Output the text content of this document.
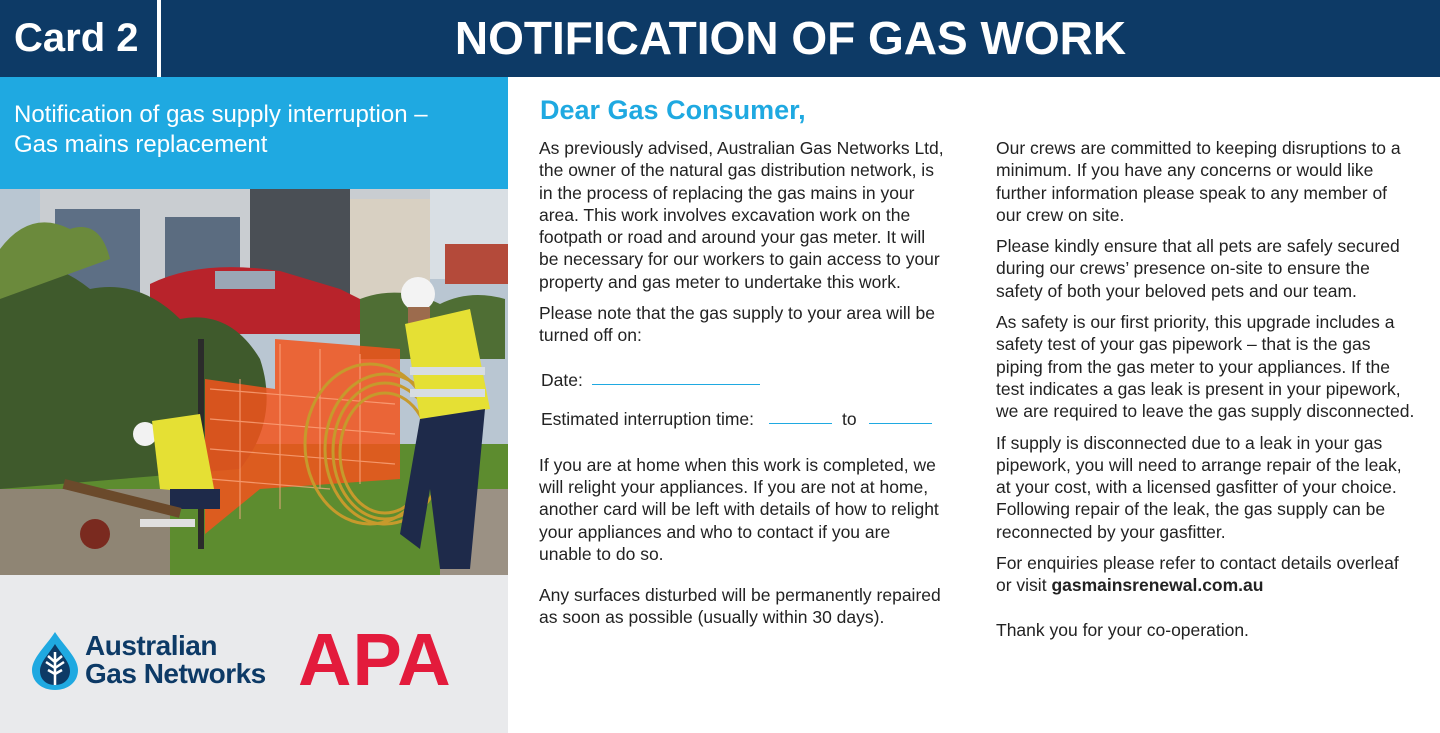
Card 2	NOTIFICATION OF GAS WORK
Notification of gas supply interruption –
Gas mains replacement
Australian
Gas Networks APA
Dear Gas Consumer,

As previously advised, Australian Gas Networks Ltd, the owner of the natural gas distribution network, is in the process of replacing the gas mains in your area. This work involves excavation work on the footpath or road and around your gas meter. It will be necessary for our workers to gain access to your property and gas meter to undertake this work.

Please note that the gas supply to your area will be turned off on:

Date:
Estimated interruption time:	to

If you are at home when this work is completed, we will relight your appliances. If you are not at home, another card will be left with details of how to relight your appliances and who to contact if you are unable to do so.

Any surfaces disturbed will be permanently repaired as soon as possible (usually within 30 days).

Our crews are committed to keeping disruptions to a minimum. If you have any concerns or would like further information please speak to any member of our crew on site.

Please kindly ensure that all pets are safely secured during our crews’ presence on-site to ensure the safety of both your beloved pets and our team.

As safety is our first priority, this upgrade includes a safety test of your gas pipework – that is the gas piping from the gas meter to your appliances. If the test indicates a gas leak is present in your pipework, we are required to leave the gas supply disconnected.

If supply is disconnected due to a leak in your gas pipework, you will need to arrange repair of the leak, at your cost, with a licensed gasfitter of your choice. Following repair of the leak, the gas supply can be reconnected by your gasfitter.

For enquiries please refer to contact details overleaf or visit gasmainsrenewal.com.au

Thank you for your co-operation.
